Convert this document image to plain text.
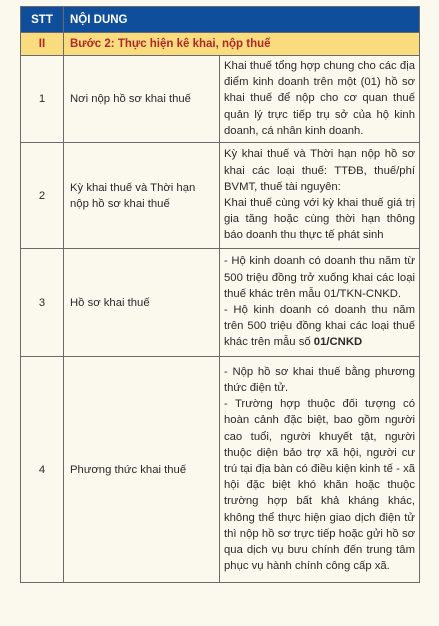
STT	NỘI DUNG	
II	Bước 2: Thực hiện kê khai, nộp thuế	
1	Nơi nộp hồ sơ khai thuế	Khai thuế tổng hợp chung cho các địa điểm kinh doanh trên một (01) hồ sơ khai thuế để nộp cho cơ quan thuế quản lý trực tiếp trụ sở của hộ kinh doanh, cá nhân kinh doanh.

2	Kỳ khai thuế và Thời hạn nộp hồ sơ khai thuế	Kỳ khai thuế và Thời hạn nộp hồ sơ khai các loại thuế: TTĐB, thuế/phí BVMT, thuế tài nguyên:

Khai thuế cùng với kỳ khai thuế giá trị gia tăng hoặc cùng thời hạn thông báo doanh thu thực tế phát sinh

3	Hồ sơ khai thuế	- Hộ kinh doanh có doanh thu năm từ 500 triệu đồng trở xuống khai các loại thuế khác trên mẫu 01/TKN-CNKD.

- Hộ kinh doanh có doanh thu năm trên 500 triệu đồng khai các loại thuế khác trên mẫu số 01/CNKD

4	Phương thức khai thuế	- Nộp hồ sơ khai thuế bằng phương thức điện tử.

- Trường hợp thuộc đối tượng có hoàn cảnh đặc biệt, bao gồm người cao tuổi, người khuyết tật, người thuộc diện bảo trợ xã hội, người cư trú tại địa bàn có điều kiện kinh tế - xã hội đặc biệt khó khăn hoặc thuộc trường hợp bất khả kháng khác, không thể thực hiện giao dịch điện tử thì nộp hồ sơ trực tiếp hoặc gửi hồ sơ qua dịch vụ bưu chính đến trung tâm phục vụ hành chính công cấp xã.
